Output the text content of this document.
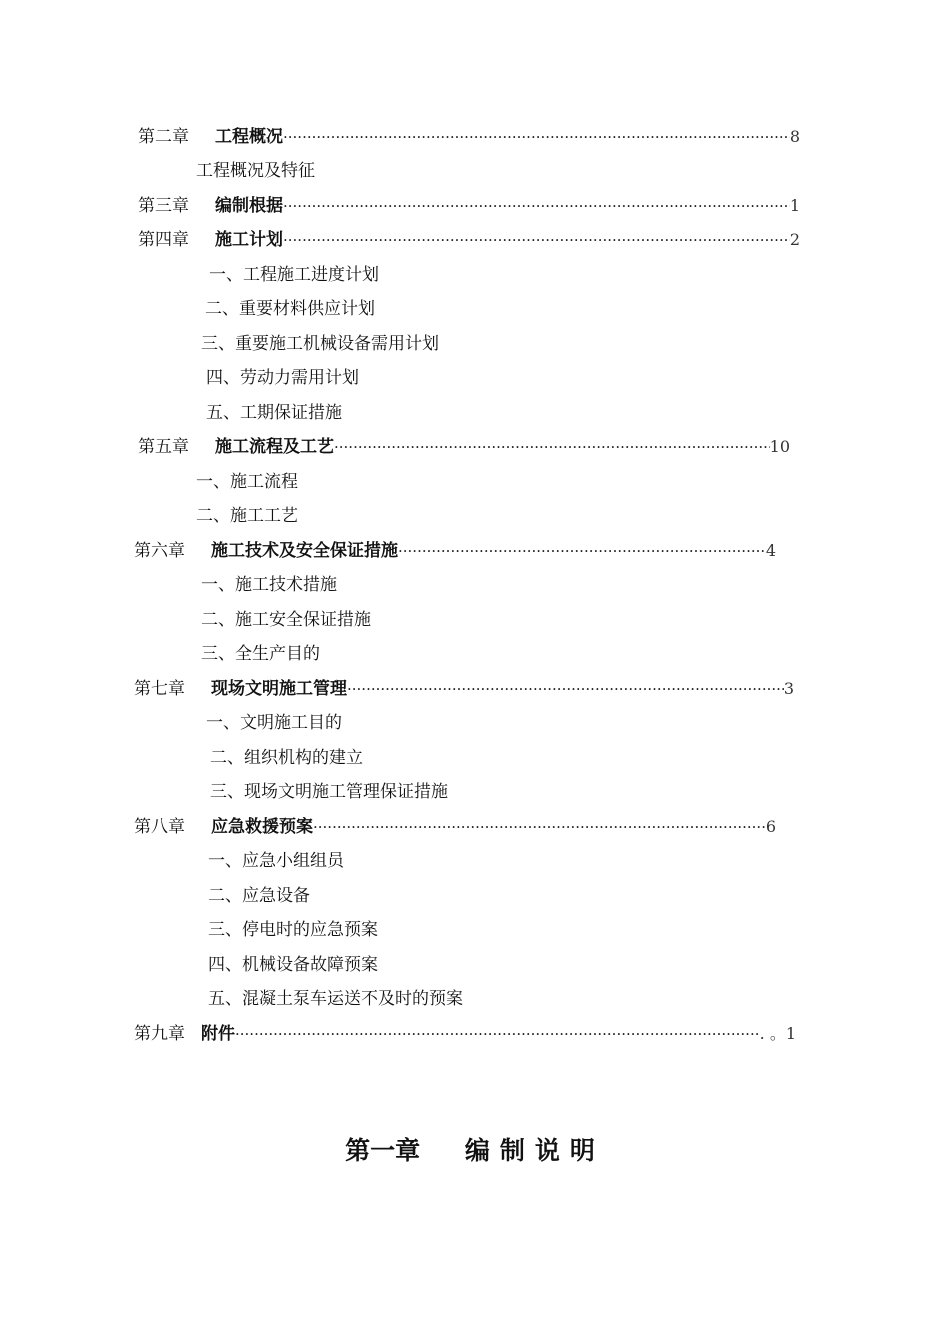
第二章	工程概况 ·····	8
工程概况及特征
第三章	编制根据 ·····	1
第四章	施工计划 ·····	2
一、工程施工进度计划
二、重要材料供应计划
三、重要施工机械设备需用计划
四、劳动力需用计划
五、工期保证措施
第五章	施工流程及工艺 ·····	10
一、施工流程
二、施工工艺
第六章	施工技术及安全保证措施 ·····	4
一、施工技术措施
二、施工安全保证措施
三、全生产目的
第七章	现场文明施工管理 ·····	3
一、文明施工目的
二、组织机构的建立
三、现场文明施工管理保证措施
第八章	应急救援预案 ·····	6
一、应急小组组员
二、应急设备
三、停电时的应急预案
四、机械设备故障预案
五、混凝土泵车运送不及时的预案
第九章 附件 ·····	. 。1
第一章 编制说明
